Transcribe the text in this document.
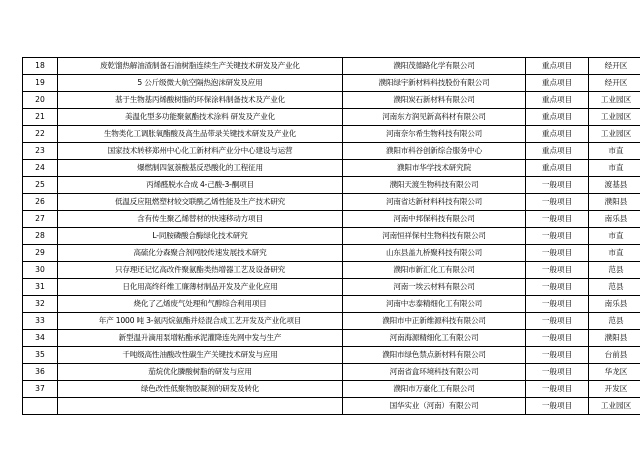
18	废乾馏热解油渣制备石油树脂连续生产关键技术研发及产业化	濮阳茂德路化学有限公司	重点项目	经开区
19	5 公斤级微大航空隔热泡沫研发及应用	濮阳绿宇新材料科技股份有限公司	重点项目	经开区
20	基于生物基丙烯酸树脂的环保涂料制备技术及产业化	濮阳炭石新材料有限公司	重点项目	工业园区
21	美温化型多功能聚氨酯技术涂料 研发及产业化	河南东方润见新高科材有限公司	重点项目	工业园区
22	生物类化工调胀氧酯酸及高生品带录关键技术研发及产业化	河南奈尔希生物科技有限公司	重点项目	工业园区
23	国家技术转移郑州中心化工新材料产业分中心建设与运营	濮阳市科谷创新综合服务中心	重点项目	市直
24	爆燃制四氢萘酸基反恐酸化的工程征用	濮阳市华学技术研究院	重点项目	市直
25	丙烯醛脱水合成 4-己酸-3-酮项目	濮阳天渡生物科技有限公司	一般项目	渡基县
26	低温反应阻燃塑材较交联酰乙烯性能及生产技术研究	河南省达新材料科技有限公司	一般项目	濮阳县
27	含有传生聚乙烯替材的快速移动方项目	河南中邦保科技有限公司	一般项目	南乐县
28	L-同胺磷酸合酶绿化技术研究	河南恒祥保村生物科技有限公司	一般项目	市直
29	高硫化分森聚合剂网胶传速发展技术研究	山东县盖九桥聚科技有限公司	一般项目	市直
30	只存理还记忆高改件聚氨酯类热增器工艺及设备研究	濮阳市新汇化工有限公司	一般项目	范县
31	日化用高终纤维工廉薄材制品开发及产业化应用	河南一埃云材料有限公司	一般项目	范县
32	烧化了乙烯废气处理和气醇综合利用项目	河南中志泰精细化工有限公司	一般项目	南乐县
33	年产 1000 吨 3-氨丙烷氨酯并烃混合成工艺开发及产业化项目	濮阳市中正新维源科技有限公司	一般项目	范县
34	新型温升滴用泵增粘酯承泥灌降连先网中发与生产	河南海源精细化工有限公司	一般项目	濮阳县
35	千吨级高性油酸改性碳生产关键技术研发与应用	濮阳市绿色禁点新材料有限公司	一般项目	台前县
36	茄烷优化膦酸树脂的研发与应用	河南省盒环境科技有限公司	一般项目	华龙区
37	绿色改性低聚物胶凝剂的研发及转化	濮阳市万豪化工有限公司	一般项目	开发区
		国华实业（河南）有限公司	一般项目	工业园区
